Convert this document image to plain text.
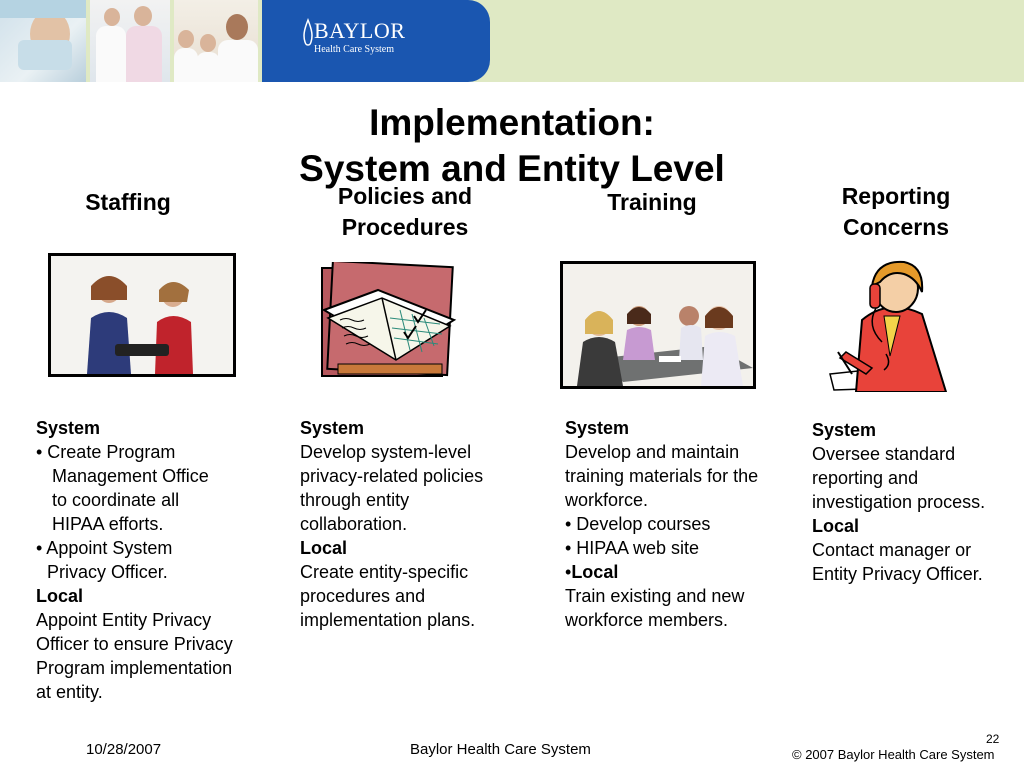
BAYLOR
Health Care System
Implementation:
System and Entity Level
Staffing	Policies and
Procedures
Training	Reporting
Concerns
System
• Create Program
Management Office
to coordinate all
HIPAA efforts.
• Appoint System
Privacy Officer.
Local
Appoint Entity Privacy
Officer to ensure Privacy
Program implementation
at entity.
System
Develop system-level
privacy-related policies
through entity
collaboration.
Local
Create entity-specific
procedures and
implementation plans.
System
Develop and maintain
training materials for the
workforce.
• Develop courses
• HIPAA web site
•Local
Train existing and new
workforce members.
System
Oversee standard
reporting and
investigation process.
Local
Contact manager or
Entity Privacy Officer.
10/28/2007	Baylor Health Care System
22
© 2007 Baylor Health Care System
